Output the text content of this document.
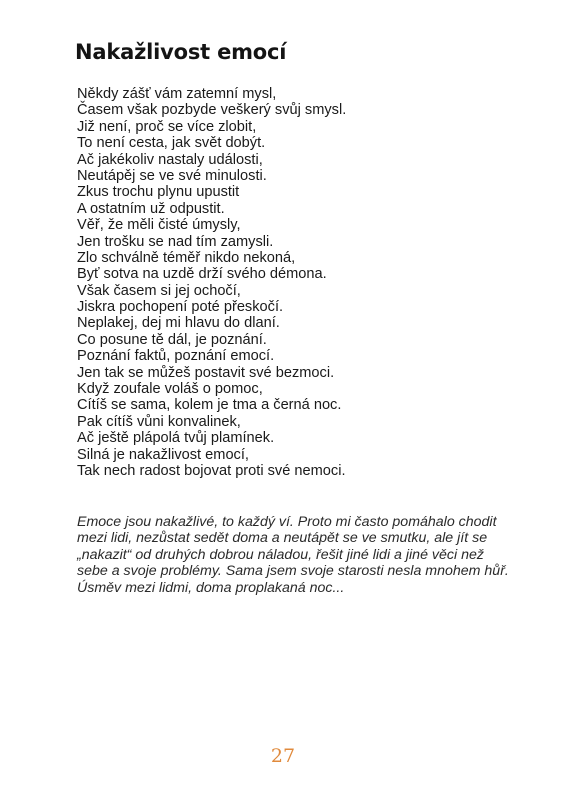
Nakažlivost emocí
Někdy zášť vám zatemní mysl,
Časem však pozbyde veškerý svůj smysl.
Již není, proč se více zlobit,
To není cesta, jak svět dobýt.
Ač jakékoliv nastaly události,
Neutápěj se ve své minulosti.
Zkus trochu plynu upustit
A ostatním už odpustit.
Věř, že měli čisté úmysly,
Jen trošku se nad tím zamysli.
Zlo schválně téměř nikdo nekoná,
Byť sotva na uzdě drží svého démona.
Však časem si jej ochočí,
Jiskra pochopení poté přeskočí.
Neplakej, dej mi hlavu do dlaní.
Co posune tě dál, je poznání.
Poznání faktů, poznání emocí.
Jen tak se můžeš postavit své bezmoci.
Když zoufale voláš o pomoc,
Cítíš se sama, kolem je tma a černá noc.
Pak cítíš vůni konvalinek,
Ač ještě plápolá tvůj plamínek.
Silná je nakažlivost emocí,
Tak nech radost bojovat proti své nemoci.
Emoce jsou nakažlivé, to každý ví. Proto mi často pomáhalo chodit
mezi lidi, nezůstat sedět doma a neutápět se ve smutku, ale jít se
„nakazit“ od druhých dobrou náladou, řešit jiné lidi a jiné věci než
sebe a svoje problémy. Sama jsem svoje starosti nesla mnohem hůř.
Úsměv mezi lidmi, doma proplakaná noc...

27
